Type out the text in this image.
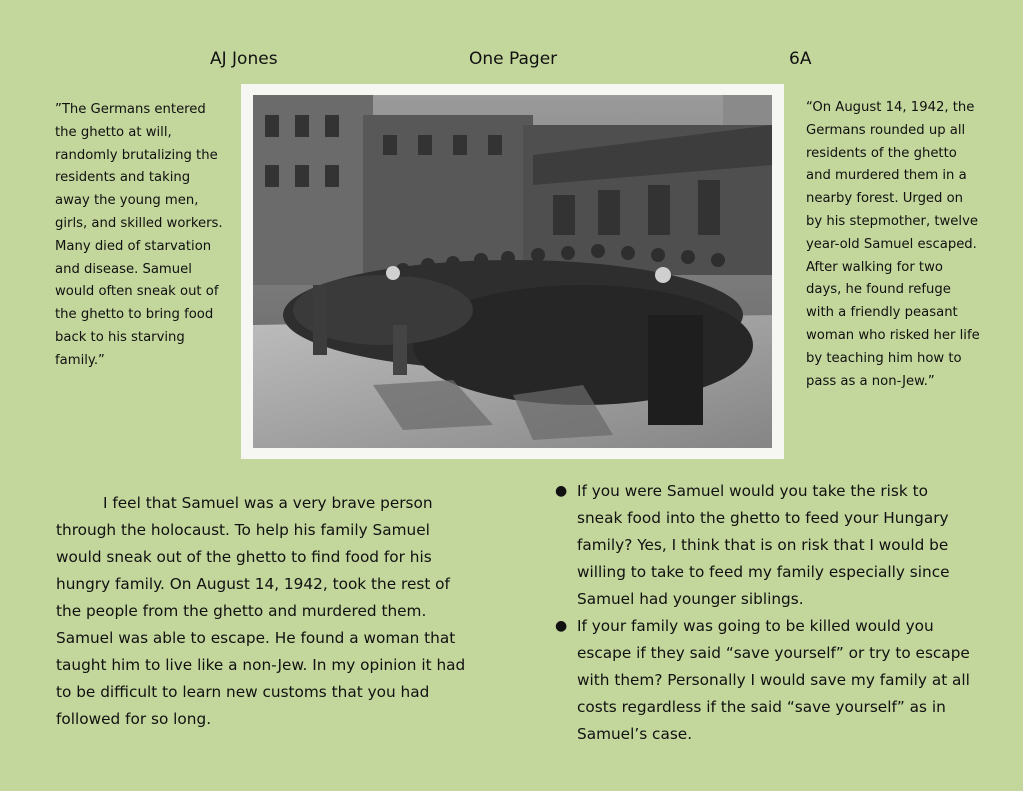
AJ Jones	One Pager	6A

”The Germans entered the ghetto at will, randomly brutalizing the residents and taking away the young men, girls, and skilled workers. Many died of starvation and disease. Samuel would often sneak out of the ghetto to bring food back to his starving family.”

“On August 14, 1942, the Germans rounded up all residents of the ghetto and murdered them in a nearby forest. Urged on by his stepmother, twelve year-old Samuel escaped. After walking for two days, he found refuge with a friendly peasant woman who risked her life by teaching him how to pass as a non-Jew.”

I feel that Samuel was a very brave person through the holocaust. To help his family Samuel would sneak out of the ghetto to find food for his hungry family. On August 14, 1942, took the rest of the people from the ghetto and murdered them. Samuel was able to escape. He found a woman that taught him to live like a non-Jew. In my opinion it had to be difficult to learn new customs that you had followed for so long.

● If you were Samuel would you take the risk to sneak food into the ghetto to feed your Hungary family? Yes, I think that is on risk that I would be willing to take to feed my family especially since Samuel had younger siblings.
● If your family was going to be killed would you escape if they said “save yourself” or try to escape with them? Personally I would save my family at all costs regardless if the said “save yourself” as in Samuel’s case.
